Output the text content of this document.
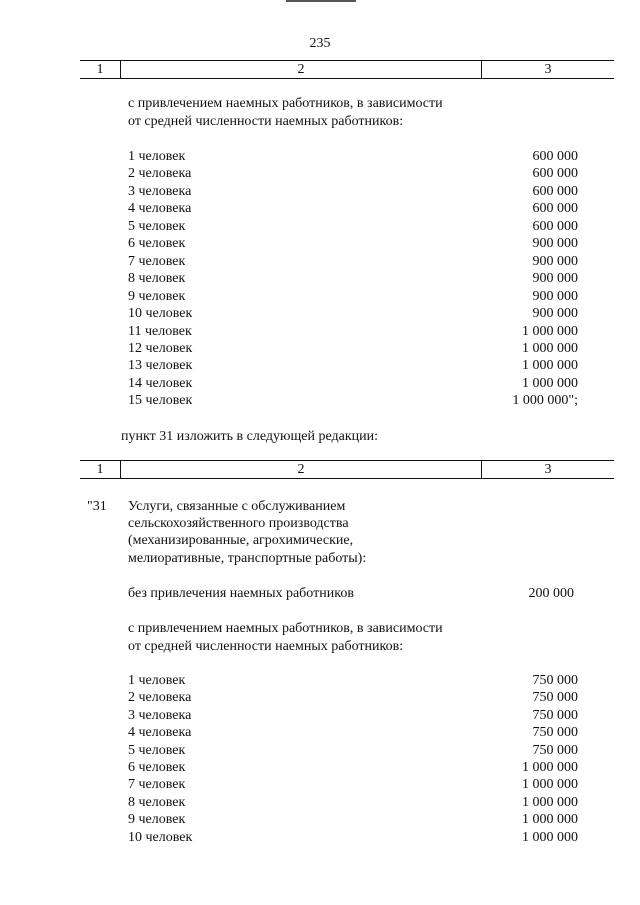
235
1	2	3
с привлечением наемных работников, в зависимости
от средней численности наемных работников:
1 человек	600 000
2 человека	600 000
3 человека	600 000
4 человека	600 000
5 человек	600 000
6 человек	900 000
7 человек	900 000
8 человек	900 000
9 человек	900 000
10 человек	900 000
11 человек	1 000 000
12 человек	1 000 000
13 человек	1 000 000
14 человек	1 000 000
15 человек	1 000 000";
пункт 31 изложить в следующей редакции:
1	2	3
"31 Услуги, связанные с обслуживанием
сельскохозяйственного производства
(механизированные, агрохимические,
мелиоративные, транспортные работы):
без привлечения наемных работников	200 000
с привлечением наемных работников, в зависимости
от средней численности наемных работников:
1 человек	750 000
2 человека	750 000
3 человека	750 000
4 человека	750 000
5 человек	750 000
6 человек	1 000 000
7 человек	1 000 000
8 человек	1 000 000
9 человек	1 000 000
10 человек	1 000 000
